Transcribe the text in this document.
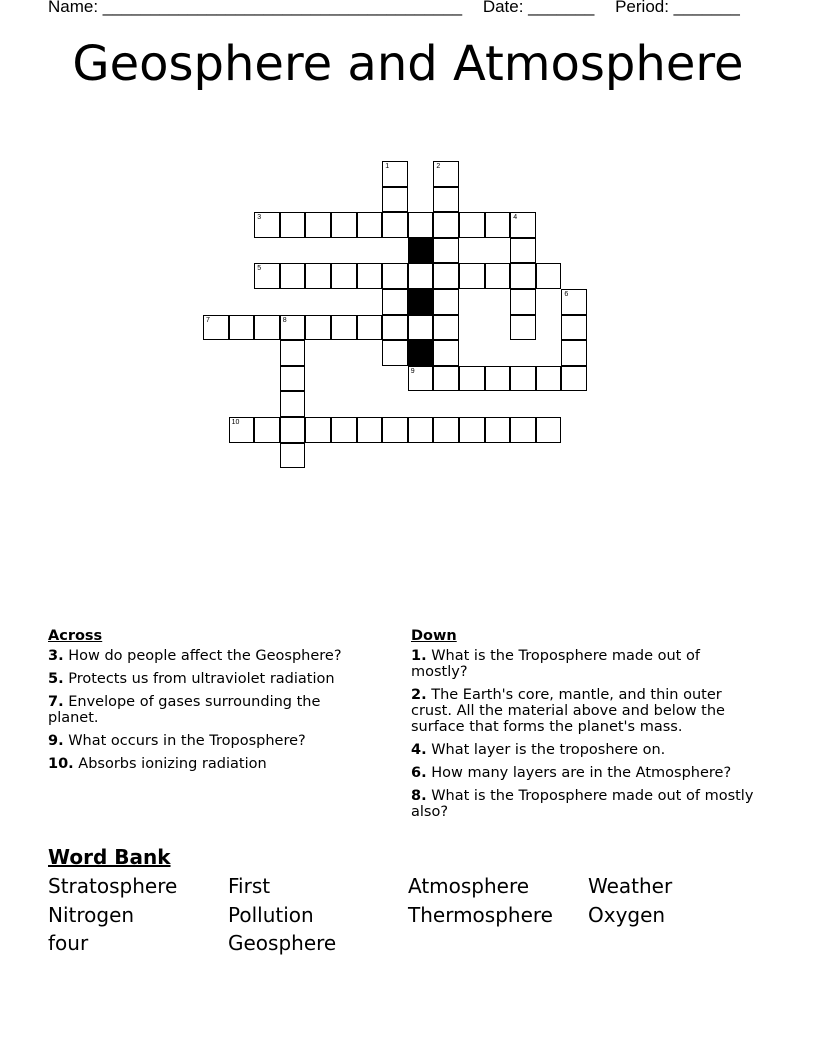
Name: ______________________________________ Date: _______ Period: _______
Geosphere and Atmosphere
1	2
3	4
5
6
7	8
9
10
Across
3. How do people affect the Geosphere?
5. Protects us from ultraviolet radiation
7. Envelope of gases surrounding the planet.
9. What occurs in the Troposphere?
10. Absorbs ionizing radiation
Down
1. What is the Troposphere made out of mostly?
2. The Earth's core, mantle, and thin outer crust. All the material above and below the surface that forms the planet's mass.
4. What layer is the troposhere on.
6. How many layers are in the Atmosphere?
8. What is the Troposphere made out of mostly also?
Word Bank
Stratosphere	First	Atmosphere	Weather
Nitrogen	Pollution	Thermosphere	Oxygen
four	Geosphere
